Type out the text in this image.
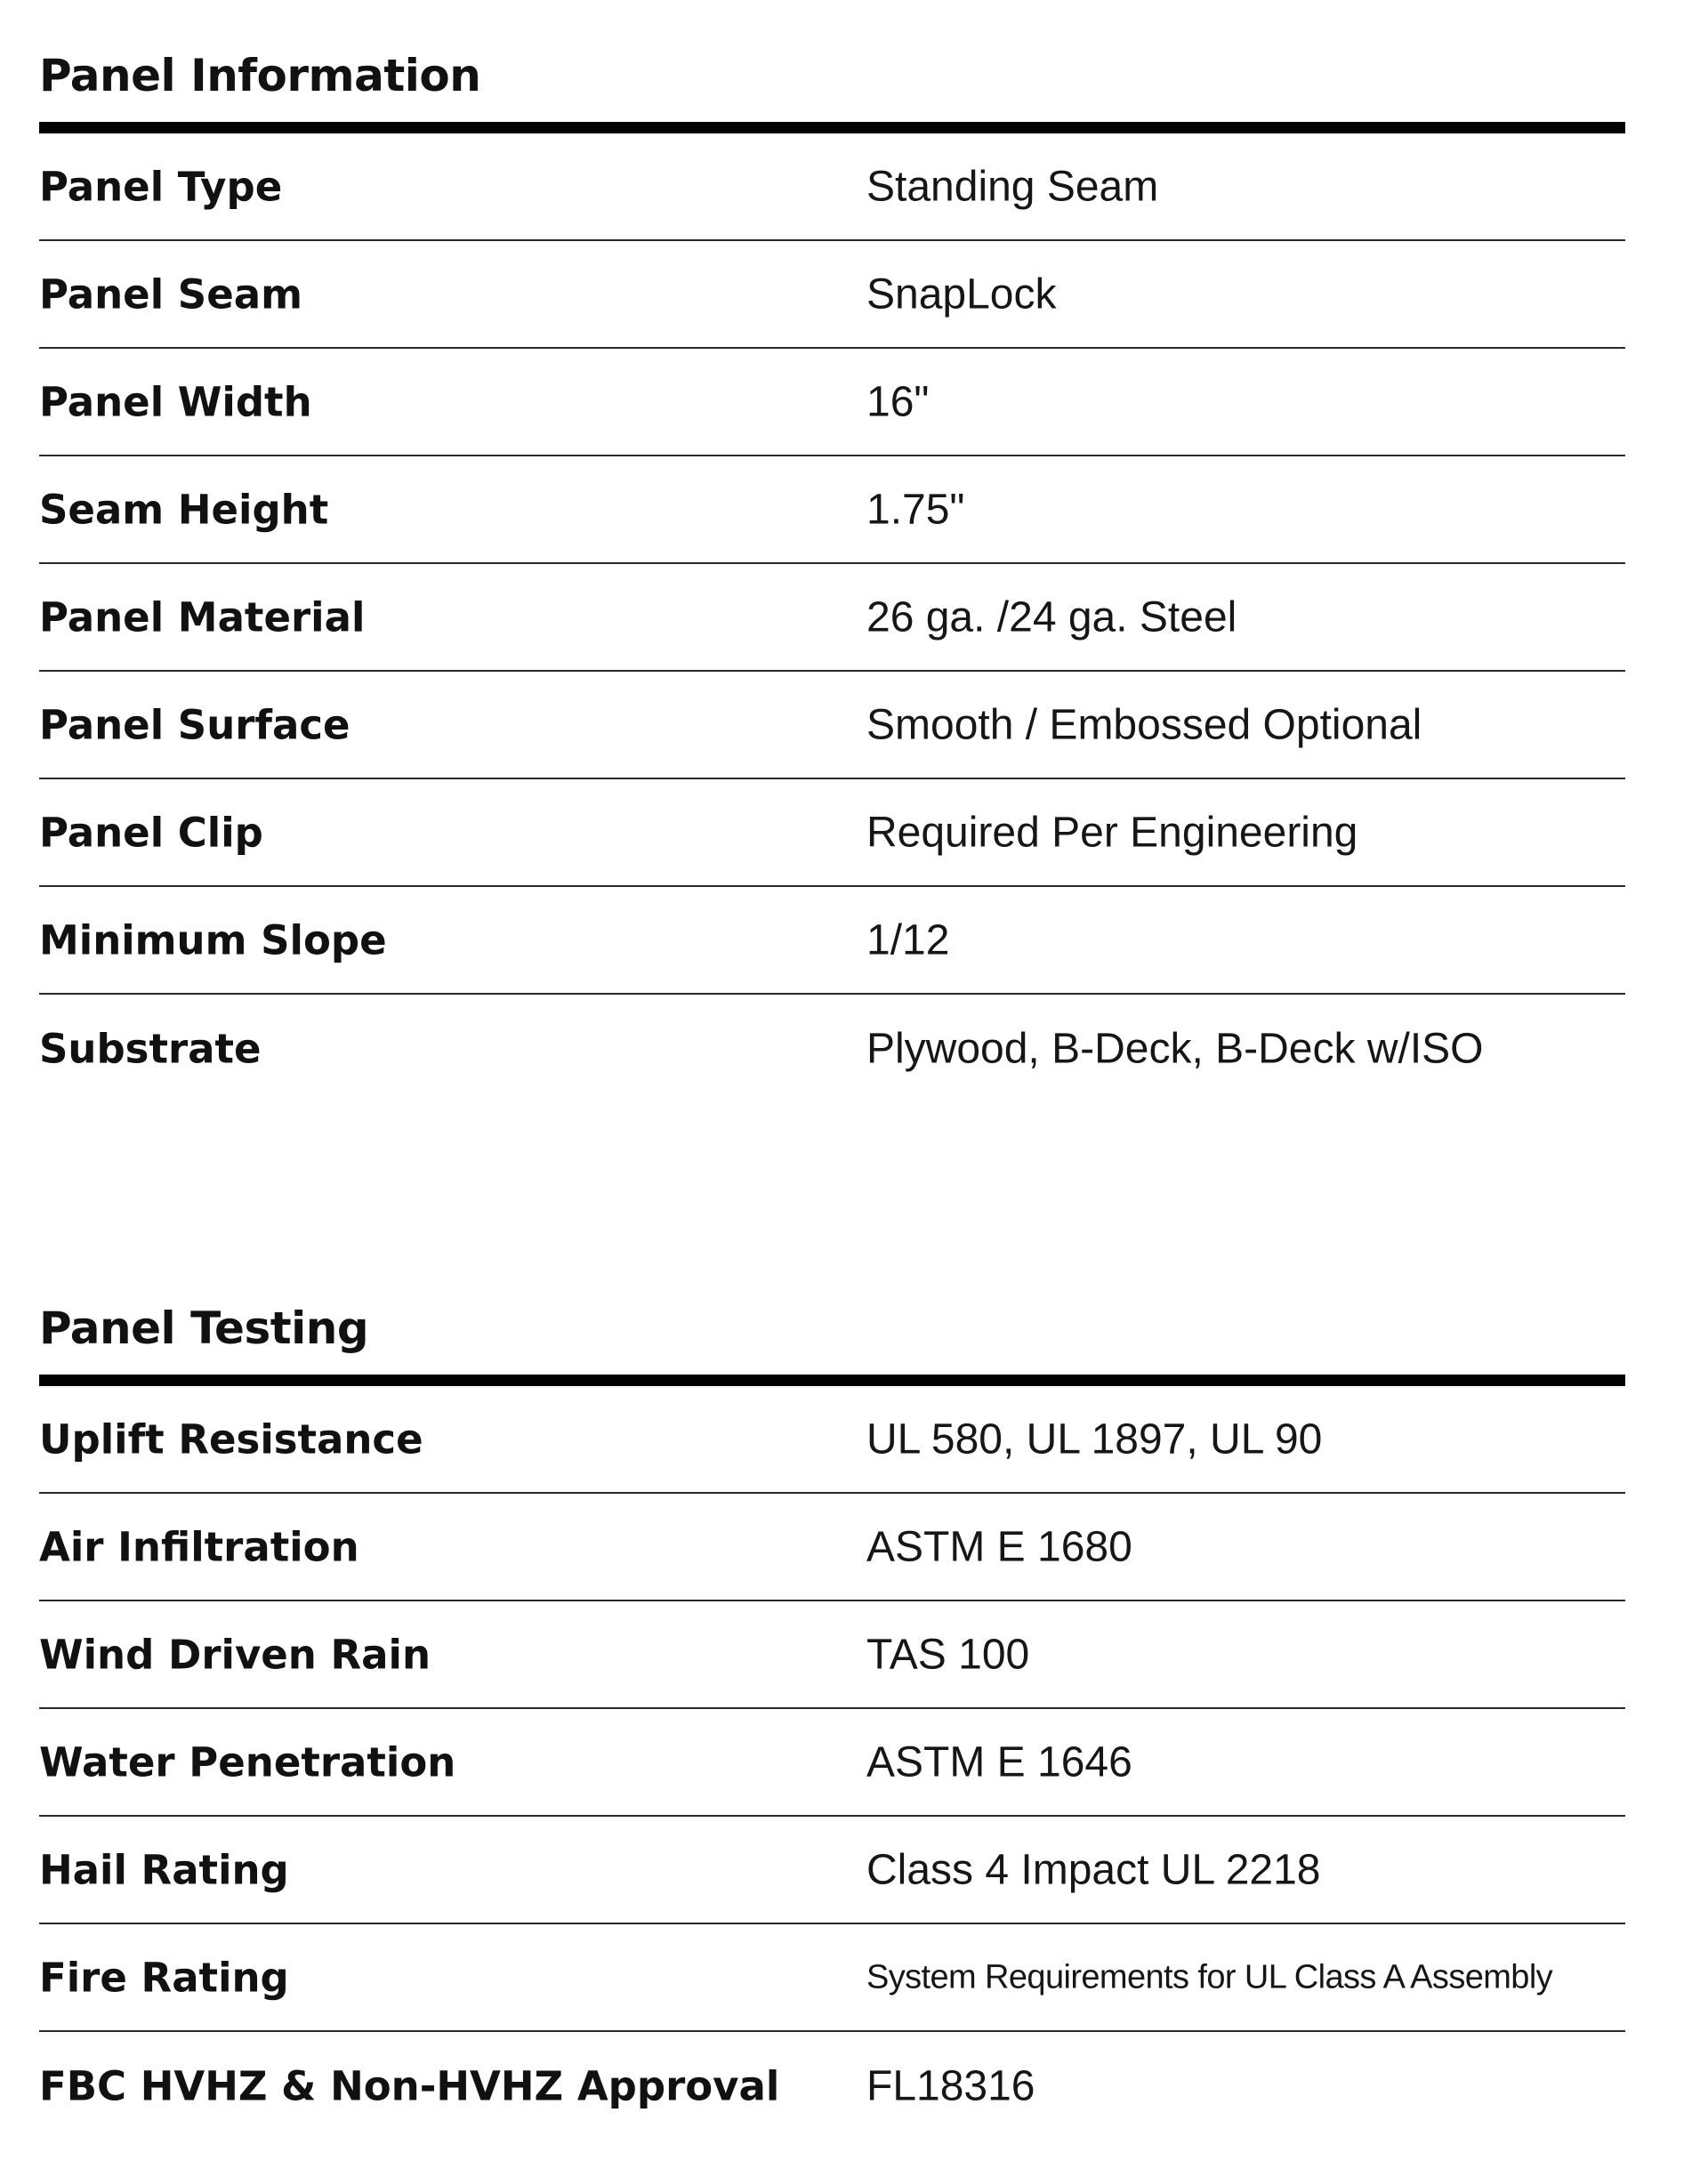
Panel Information
Panel Type	Standing Seam
Panel Seam	SnapLock
Panel Width	16"
Seam Height	1.75"
Panel Material	26 ga. /24 ga. Steel
Panel Surface	Smooth / Embossed Optional
Panel Clip	Required Per Engineering
Minimum Slope	1/12
Substrate	Plywood, B-Deck, B-Deck w/ISO
Panel Testing
Uplift Resistance	UL 580, UL 1897, UL 90
Air Infiltration	ASTM E 1680
Wind Driven Rain	TAS 100
Water Penetration	ASTM E 1646
Hail Rating	Class 4 Impact UL 2218
Fire Rating	System Requirements for UL Class A Assembly
FBC HVHZ & Non-HVHZ Approval FL18316
